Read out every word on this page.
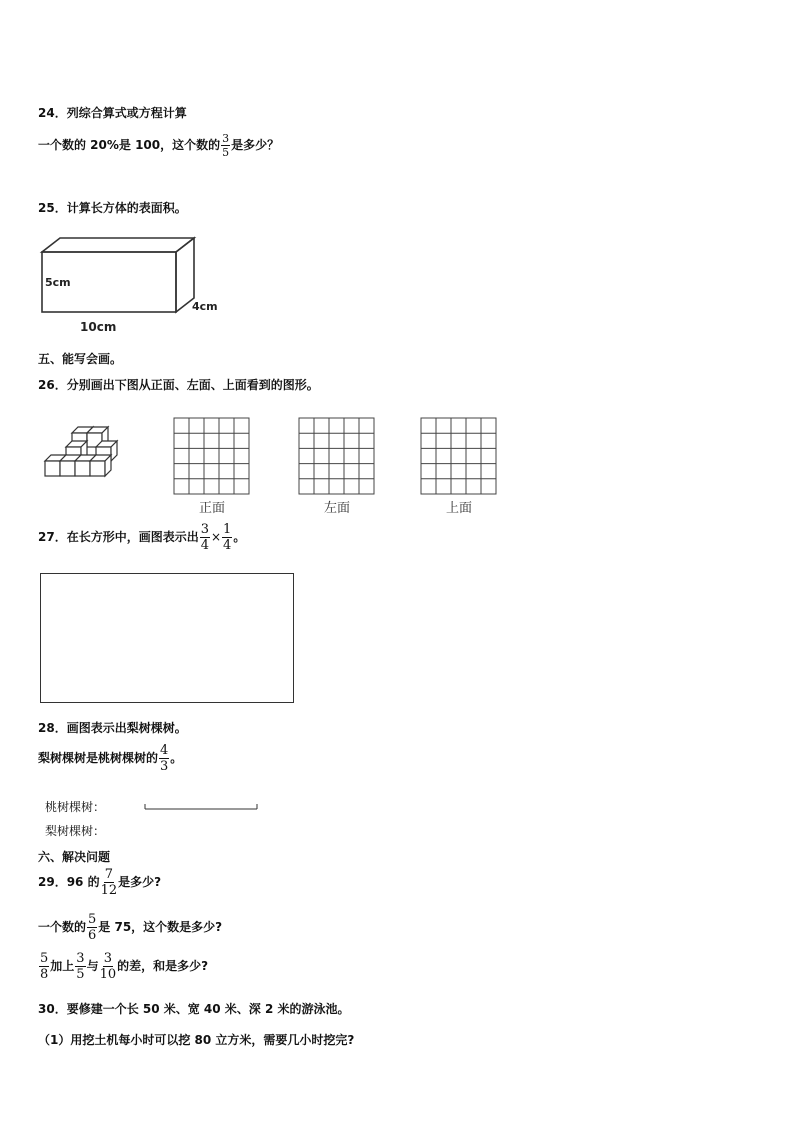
24．列综合算式或方程计算
一个数的 20%是 100，这个数的 $\frac{3}{5}$ 是多少？
25．计算长方体的表面积。
5cm
4cm
10cm
五、能写会画。
26．分别画出下图从正面、左面、上面看到的图形。
正面	左面	上面
27．在长方形中，画图表示出 $\frac{3}{4} \times \frac{1}{4}$ 。
28．画图表示出梨树棵树。
梨树棵树是桃树棵树的 $\frac{4}{3}$ 。
桃树棵树：
梨树棵树：
六、解决问题
29．96 的 $\frac{7}{12}$ 是多少?
一个数的 $\frac{5}{6}$ 是 75，这个数是多少?
$\frac{5}{8}$ 加上 $\frac{3}{5}$ 与 $\frac{3}{10}$ 的差，和是多少?
30．要修建一个长 50 米、宽 40 米、深 2 米的游泳池。
（1）用挖土机每小时可以挖 80 立方米，需要几小时挖完?
